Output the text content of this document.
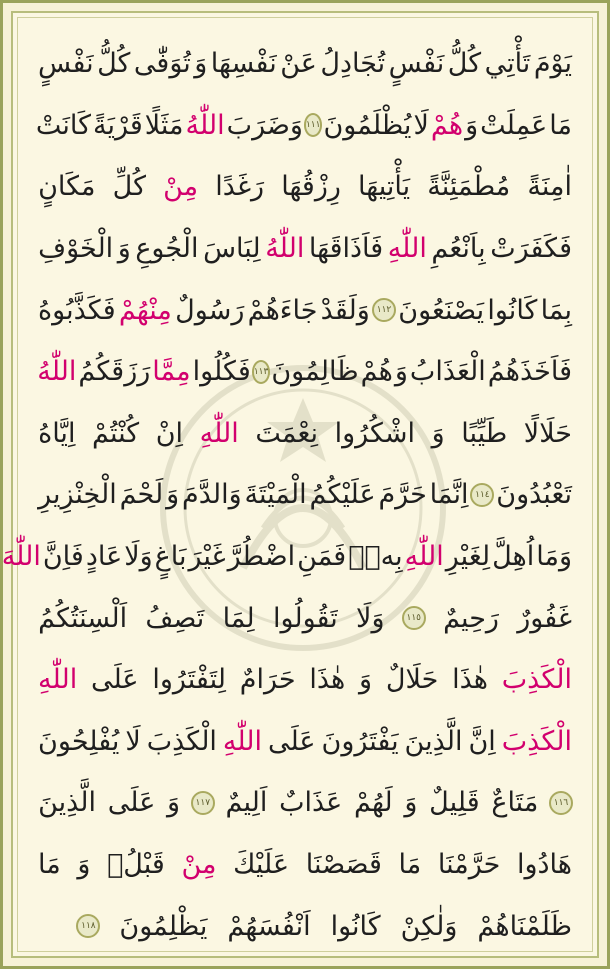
يَوْمَ
تَأْتِي
كُلُّ
نَفْسٍ
تُجَادِلُ
عَنْ
نَفْسِهَا
وَ
تُوَفّٰى
كُلُّ
نَفْسٍ
مَا
عَمِلَتْ
وَ
هُمْ
لَا
يُظْلَمُونَ
١١١
وَضَرَبَ
اللّٰهُ
مَثَلًا
قَرْيَةً
كَانَتْ
اٰمِنَةً
مُطْمَئِنَّةً
يَأْتِيهَا
رِزْقُهَا
رَغَدًا
مِنْ
كُلِّ
مَكَانٍ
فَكَفَرَتْ
بِاَنْعُمِ
اللّٰهِ
فَاَذَاقَهَا
اللّٰهُ
لِبَاسَ
الْجُوعِ
وَ
الْخَوْفِ
بِمَا
كَانُوا
يَصْنَعُونَ
١١٢
وَلَقَدْ
جَاءَهُمْ
رَسُولٌ
مِنْهُمْ
فَكَذَّبُوهُ
فَاَخَذَهُمُ
الْعَذَابُ
وَ
هُمْ
ظَالِمُونَ
١١٣
فَكُلُوا
مِمَّا
رَزَقَكُمُ
اللّٰهُ
حَلَالًا
طَيِّبًا
وَ
اشْكُرُوا
نِعْمَتَ
اللّٰهِ
اِنْ
كُنْتُمْ
اِيَّاهُ
تَعْبُدُونَ
١١٤
اِنَّمَا
حَرَّمَ
عَلَيْكُمُ
الْمَيْتَةَ
وَالدَّمَ
وَ
لَحْمَ
الْخِنْزِيرِ
وَمَا
اُهِلَّ
لِغَيْرِ
اللّٰهِ
بِهٖۚ
فَمَنِ
اضْطُرَّ
غَيْرَ
بَاغٍ
وَلَا
عَادٍ
فَاِنَّ
اللّٰهَ
غَفُورٌ
رَحِيمٌ
١١٥
وَلَا
تَقُولُوا
لِمَا
تَصِفُ
اَلْسِنَتُكُمُ
الْكَذِبَ
هٰذَا
حَلَالٌ
وَ
هٰذَا
حَرَامٌ
لِتَفْتَرُوا
عَلَى
اللّٰهِ
الْكَذِبَ
اِنَّ
الَّذِينَ
يَفْتَرُونَ
عَلَى
اللّٰهِ
الْكَذِبَ
لَا
يُفْلِحُونَ
١١٦
مَتَاعٌ
قَلِيلٌ
وَ
لَهُمْ
عَذَابٌ
اَلِيمٌ
١١٧
وَ
عَلَى
الَّذِينَ
هَادُوا
حَرَّمْنَا
مَا
قَصَصْنَا
عَلَيْكَ
مِنْ
قَبْلُۚ
وَ
مَا
ظَلَمْنَاهُمْ
وَلٰكِنْ
كَانُوا
اَنْفُسَهُمْ
يَظْلِمُونَ
١١٨
